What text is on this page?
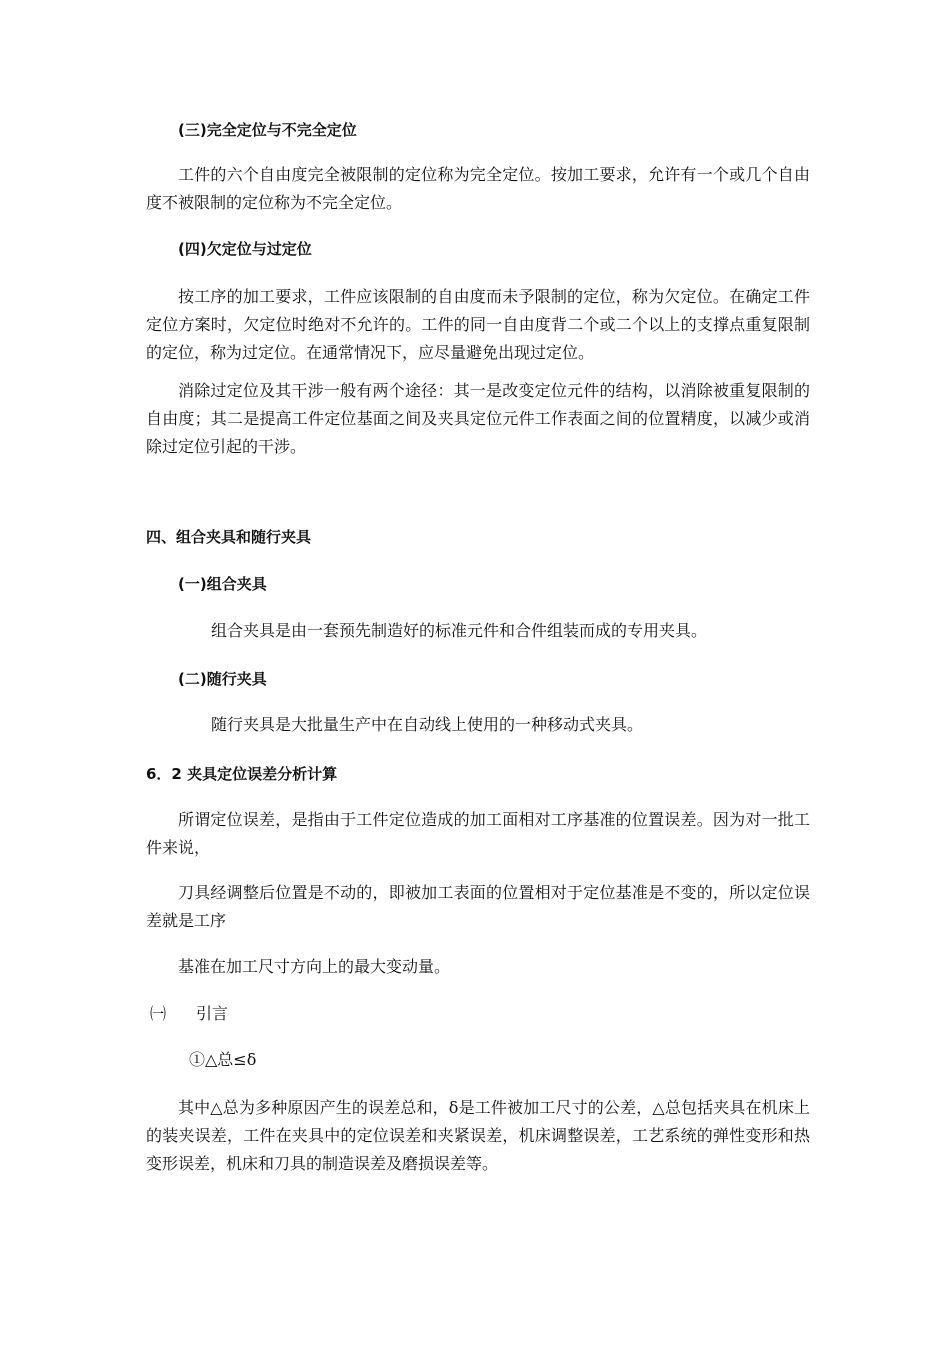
(三)完全定位与不完全定位
工件的六个自由度完全被限制的定位称为完全定位。按加工要求，允许有一个或几个自由度不被限制的定位称为不完全定位。
(四)欠定位与过定位
按工序的加工要求，工件应该限制的自由度而未予限制的定位，称为欠定位。在确定工件定位方案时，欠定位时绝对不允许的。工件的同一自由度背二个或二个以上的支撑点重复限制的定位，称为过定位。在通常情况下，应尽量避免出现过定位。
消除过定位及其干涉一般有两个途径：其一是改变定位元件的结构，以消除被重复限制的自由度；其二是提高工件定位基面之间及夹具定位元件工作表面之间的位置精度，以减少或消除过定位引起的干涉。
四、组合夹具和随行夹具
(一)组合夹具
组合夹具是由一套预先制造好的标准元件和合件组装而成的专用夹具。
(二)随行夹具
随行夹具是大批量生产中在自动线上使用的一种移动式夹具。
6．2 夹具定位误差分析计算
所谓定位误差，是指由于工件定位造成的加工面相对工序基准的位置误差。因为对一批工件来说，
刀具经调整后位置是不动的，即被加工表面的位置相对于定位基准是不变的，所以定位误差就是工序
基准在加工尺寸方向上的最大变动量。
㈠ 引言
①△总≤δ
其中△总为多种原因产生的误差总和，δ是工件被加工尺寸的公差，△总包括夹具在机床上的装夹误差，工件在夹具中的定位误差和夹紧误差，机床调整误差，工艺系统的弹性变形和热变形误差，机床和刀具的制造误差及磨损误差等。
